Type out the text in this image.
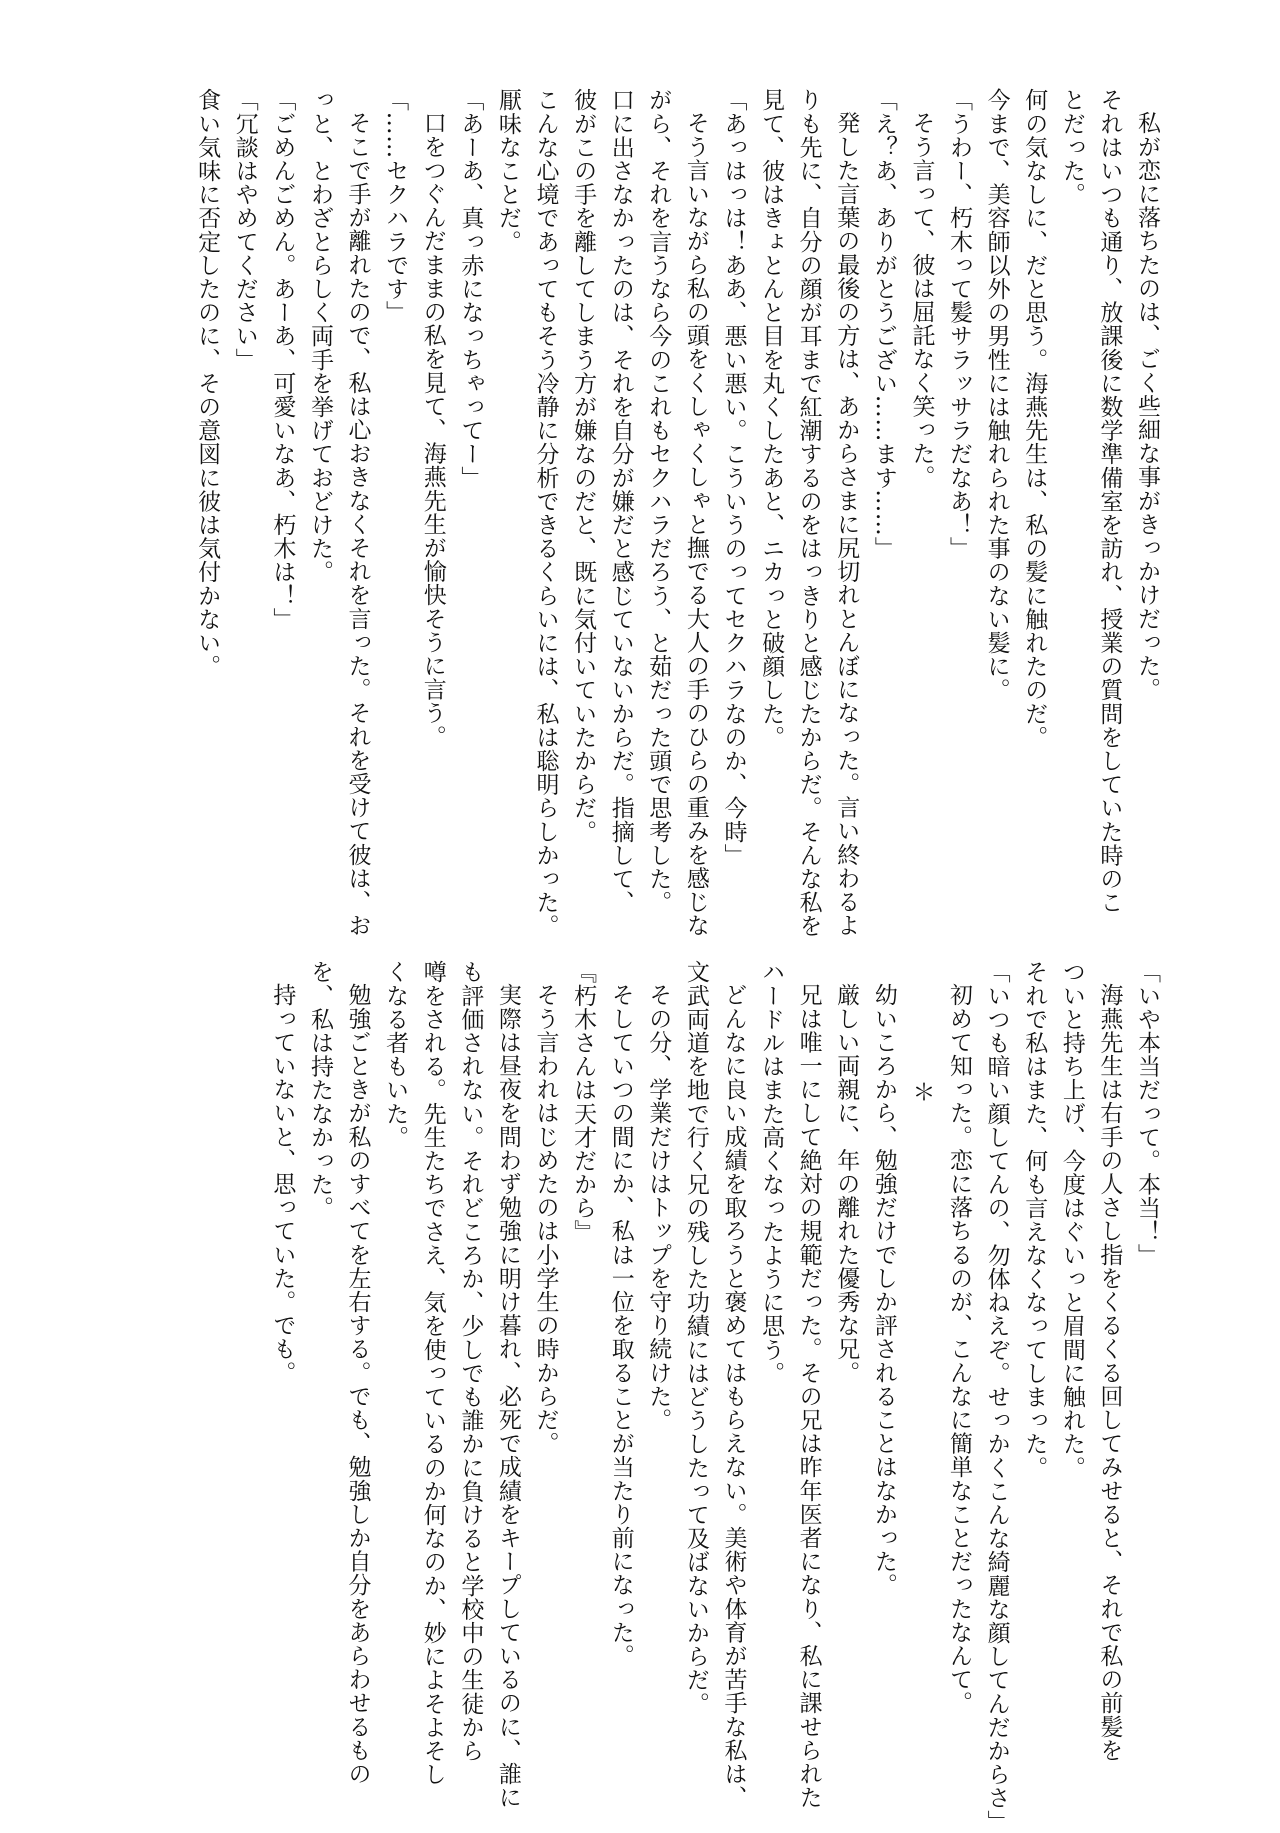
私が恋に落ちたのは、ごく些細な事がきっかけだった。
それはいつも通り、放課後に数学準備室を訪れ、授業の質問をしていた時のこ
とだった。
何の気なしに、だと思う。海燕先生は、私の髪に触れたのだ。
今まで、美容師以外の男性には触れられた事のない髪に。
「うわー、朽木って髪サラッサラだなあ！」
そう言って、彼は屈託なく笑った。
「え？あ、ありがとうござい……ます……」
発した言葉の最後の方は、あからさまに尻切れとんぼになった。言い終わるよ
りも先に、自分の顔が耳まで紅潮するのをはっきりと感じたからだ。そんな私を
見て、彼はきょとんと目を丸くしたあと、ニカっと破顔した。
「あっはっは！ああ、悪い悪い。こういうのってセクハラなのか、今時」
そう言いながら私の頭をくしゃくしゃと撫でる大人の手のひらの重みを感じな
がら、それを言うなら今のこれもセクハラだろう、と茹だった頭で思考した。
口に出さなかったのは、それを自分が嫌だと感じていないからだ。指摘して、
彼がこの手を離してしまう方が嫌なのだと、既に気付いていたからだ。
こんな心境であってもそう冷静に分析できるくらいには、私は聡明らしかった。
厭味なことだ。
「あーあ、真っ赤になっちゃってー」
口をつぐんだままの私を見て、海燕先生が愉快そうに言う。
「……セクハラです」
そこで手が離れたので、私は心おきなくそれを言った。それを受けて彼は、お
っと、とわざとらしく両手を挙げておどけた。
「ごめんごめん。あーあ、可愛いなあ、朽木は！」
「冗談はやめてください」
食い気味に否定したのに、その意図に彼は気付かない。
「いや本当だって。本当！」
海燕先生は右手の人さし指をくるくる回してみせると、それで私の前髪を
ついと持ち上げ、今度はぐいっと眉間に触れた。
それで私はまた、何も言えなくなってしまった。
「いつも暗い顔してんの、勿体ねえぞ。せっかくこんな綺麗な顔してんだからさ」
初めて知った。恋に落ちるのが、こんなに簡単なことだったなんて。
＊
幼いころから、勉強だけでしか評されることはなかった。
厳しい両親に、年の離れた優秀な兄。
兄は唯一にして絶対の規範だった。その兄は昨年医者になり、私に課せられた
ハードルはまた高くなったように思う。
どんなに良い成績を取ろうと褒めてはもらえない。美術や体育が苦手な私は、
文武両道を地で行く兄の残した功績にはどうしたって及ばないからだ。
その分、学業だけはトップを守り続けた。
そしていつの間にか、私は一位を取ることが当たり前になった。
『朽木さんは天才だから』
そう言われはじめたのは小学生の時からだ。
実際は昼夜を問わず勉強に明け暮れ、必死で成績をキープしているのに、誰に
も評価されない。それどころか、少しでも誰かに負けると学校中の生徒から
噂をされる。先生たちでさえ、気を使っているのか何なのか、妙によそよそし
くなる者もいた。
勉強ごときが私のすべてを左右する。でも、勉強しか自分をあらわせるもの
を、私は持たなかった。
持っていないと、思っていた。でも。
